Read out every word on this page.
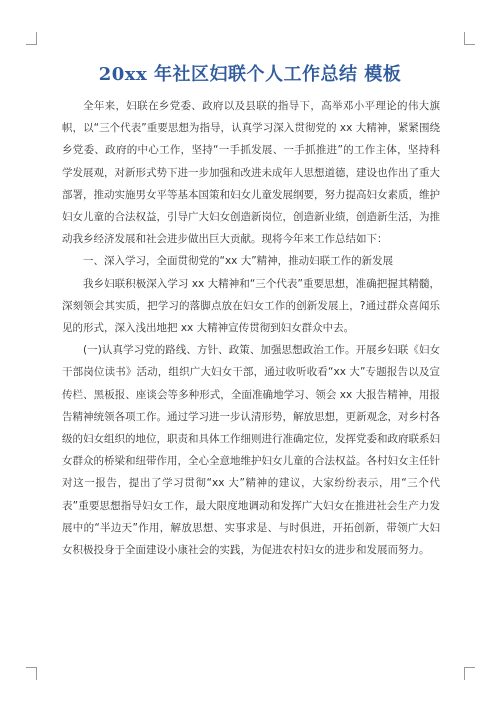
20xx 年社区妇联个人工作总结 模板

全年来，妇联在乡党委、政府以及县联的指导下，高举邓小平理论的伟大旗帜，以“三个代表”重要思想为指导，认真学习深入贯彻党的 xx 大精神，紧紧围绕乡党委、政府的中心工作，坚持“一手抓发展、一手抓推进”的工作主体，坚持科学发展观，对新形式势下进一步加强和改进未成年人思想道德，建设也作出了重大部署，推动实施男女平等基本国策和妇女儿童发展纲要，努力提高妇女素质，维护妇女儿童的合法权益，引导广大妇女创造新岗位，创造新业绩，创造新生活，为推动我乡经济发展和社会进步做出巨大贡献。现将今年来工作总结如下：

一、深入学习，全面贯彻党的“xx 大”精神，推动妇联工作的新发展

我乡妇联积极深入学习 xx 大精神和“三个代表”重要思想，准确把握其精髓，深刻领会其实质，把学习的落脚点放在妇女工作的创新发展上，?通过群众喜闻乐见的形式，深入浅出地把 xx 大精神宣传贯彻到妇女群众中去。

(一)认真学习党的路线、方针、政策、加强思想政治工作。开展乡妇联《妇女干部岗位读书》活动，组织广大妇女干部，通过收听收看“xx 大”专题报告以及宣传栏、黑板报、座谈会等多种形式，全面准确地学习、领会 xx 大报告精神，用报告精神统领各项工作。通过学习进一步认清形势，解放思想，更新观念，对乡村各级的妇女组织的地位，职责和具体工作细则进行准确定位，发挥党委和政府联系妇女群众的桥梁和纽带作用，全心全意地维护妇女儿童的合法权益。各村妇女主任针对这一报告，提出了学习贯彻“xx 大”精神的建议，大家纷纷表示，用“三个代表”重要思想指导妇女工作，最大限度地调动和发挥广大妇女在推进社会生产力发展中的“半边天”作用，解放思想、实事求是、与时俱进，开拓创新，带领广大妇女积极投身于全面建设小康社会的实践，为促进农村妇女的进步和发展而努力。
